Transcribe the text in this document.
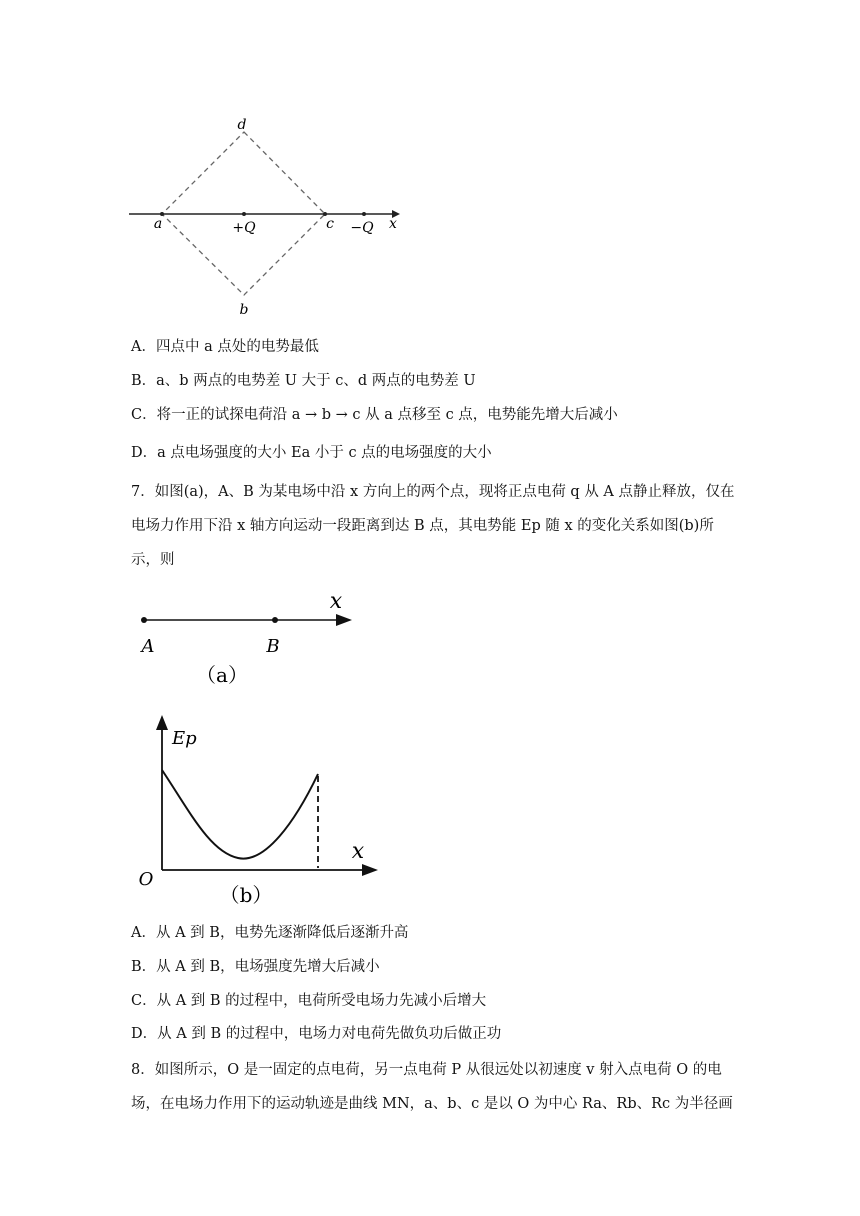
d
a	+Q	c −Q x
b
A．四点中 a 点处的电势最低
B．a、b 两点的电势差 U 大于 c、d 两点的电势差 U
C．将一正的试探电荷沿 a → b → c 从 a 点移至 c 点，电势能先增大后减小
D．a 点电场强度的大小 Ea 小于 c 点的电场强度的大小
7．如图(a)，A、B 为某电场中沿 x 方向上的两个点，现将正点电荷 q 从 A 点静止释放，仅在电场力作用下沿 x 轴方向运动一段距离到达 B 点，其电势能 Ep 随 x 的变化关系如图(b)所示，则
x
A	B
（a）
Ep
x
O
（b）
A．从 A 到 B，电势先逐渐降低后逐渐升高
B．从 A 到 B，电场强度先增大后减小
C．从 A 到 B 的过程中，电荷所受电场力先减小后增大
D．从 A 到 B 的过程中，电场力对电荷先做负功后做正功
8．如图所示，O 是一固定的点电荷，另一点电荷 P 从很远处以初速度 v 射入点电荷 O 的电场，在电场力作用下的运动轨迹是曲线 MN，a、b、c 是以 O 为中心 Ra、Rb、Rc 为半径画
